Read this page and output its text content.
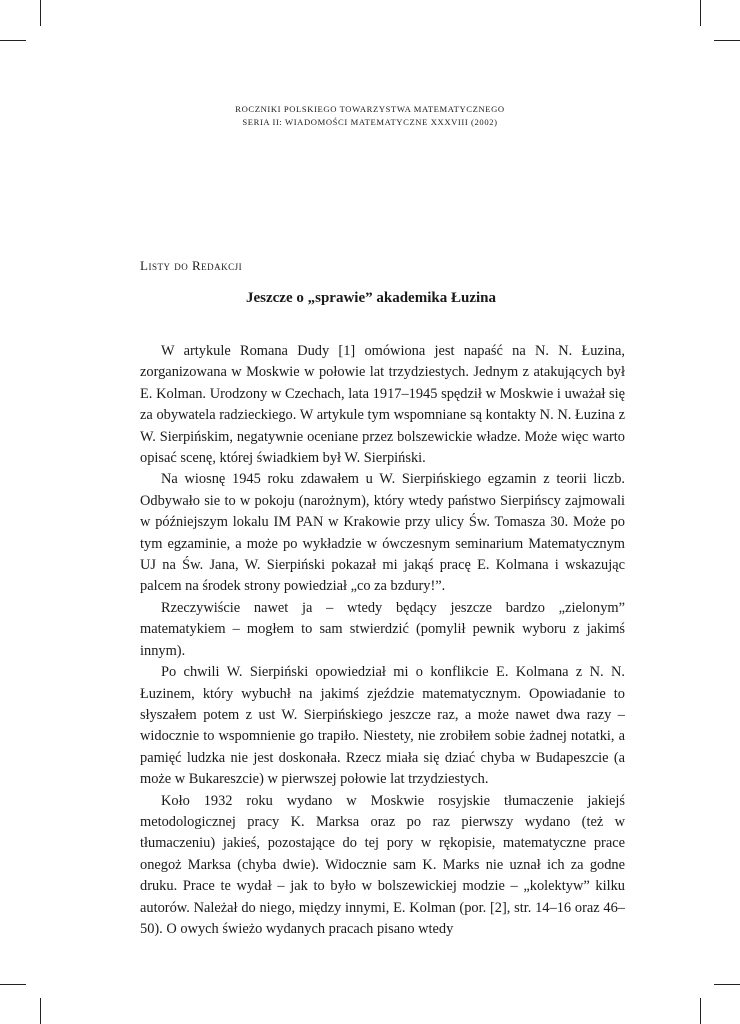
ROCZNIKI POLSKIEGO TOWARZYSTWA MATEMATYCZNEGO
SERIA II: WIADOMOŚCI MATEMATYCZNE XXXVIII (2002)
Listy do Redakcji
Jeszcze o „sprawie” akademika Łuzina

W artykule Romana Dudy [1] omówiona jest napaść na N. N. Łuzina, zorganizowana w Moskwie w połowie lat trzydziestych. Jednym z atakujących był E. Kolman. Urodzony w Czechach, lata 1917–1945 spędził w Moskwie i uważał się za obywatela radzieckiego. W artykule tym wspomniane są kontakty N. N. Łuzina z W. Sierpińskim, negatywnie oceniane przez bolszewickie władze. Może więc warto opisać scenę, której świadkiem był W. Sierpiński.

Na wiosnę 1945 roku zdawałem u W. Sierpińskiego egzamin z teorii liczb. Odbywało sie to w pokoju (narożnym), który wtedy państwo Sierpińscy zajmowali w późniejszym lokalu IM PAN w Krakowie przy ulicy Św. Tomasza 30. Może po tym egzaminie, a może po wykładzie w ówczesnym seminarium Matematycznym UJ na Św. Jana, W. Sierpiński pokazał mi jakąś pracę E. Kolmana i wskazując palcem na środek strony powiedział „co za bzdury!”.

Rzeczywiście nawet ja – wtedy będący jeszcze bardzo „zielonym” matematykiem – mogłem to sam stwierdzić (pomylił pewnik wyboru z jakimś innym).

Po chwili W. Sierpiński opowiedział mi o konflikcie E. Kolmana z N. N. Łuzinem, który wybuchł na jakimś zjeździe matematycznym. Opowiadanie to słyszałem potem z ust W. Sierpińskiego jeszcze raz, a może nawet dwa razy – widocznie to wspomnienie go trapiło. Niestety, nie zrobiłem sobie żadnej notatki, a pamięć ludzka nie jest doskonała. Rzecz miała się dziać chyba w Budapeszcie (a może w Bukareszcie) w pierwszej połowie lat trzydziestych.

Koło 1932 roku wydano w Moskwie rosyjskie tłumaczenie jakiejś metodologicznej pracy K. Marksa oraz po raz pierwszy wydano (też w tłumaczeniu) jakieś, pozostające do tej pory w rękopisie, matematyczne prace onegoż Marksa (chyba dwie). Widocznie sam K. Marks nie uznał ich za godne druku. Prace te wydał – jak to było w bolszewickiej modzie – „kolektyw” kilku autorów. Należał do niego, między innymi, E. Kolman (por. [2], str. 14–16 oraz 46–50). O owych świeżo wydanych pracach pisano wtedy
